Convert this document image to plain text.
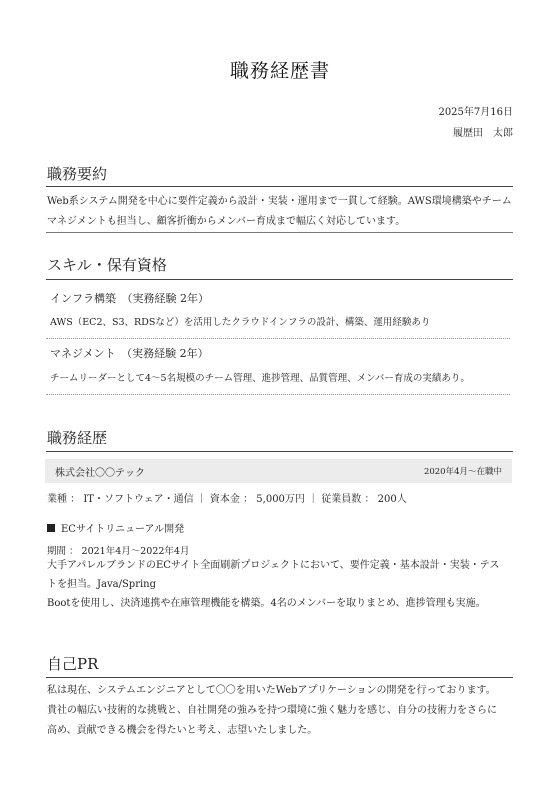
職務経歴書
2025年7月16日
履歴田　太郎
職務要約
Web系システム開発を中心に要件定義から設計・実装・運用まで一貫して経験。AWS環境構築やチームマネジメントも担当し、顧客折衝からメンバー育成まで幅広く対応しています。
スキル・保有資格
インフラ構築　（実務経験 2年）
AWS（EC2、S3、RDSなど）を活用したクラウドインフラの設計、構築、運用経験あり
マネジメント　（実務経験 2年）
チームリーダーとして4〜5名規模のチーム管理、進捗管理、品質管理、メンバー育成の実績あり。
職務経歴
株式会社〇〇テック	2020年4月～在職中
業種 ： IT・ソフトウェア・通信 ｜ 資本金 ： 5,000万円 ｜ 従業員数 ： 200人
ECサイトリニューアル開発
期間 ： 2021年4月～2022年4月
大手アパレルブランドのECサイト全面刷新プロジェクトにおいて、要件定義・基本設計・実装・テス
トを担当。Java/Spring
Bootを使用し、決済連携や在庫管理機能を構築。4名のメンバーを取りまとめ、進捗管理も実施。
自己PR
私は現在、システムエンジニアとして〇〇を用いたWebアプリケーションの開発を行っております。
貴社の幅広い技術的な挑戦と、自社開発の強みを持つ環境に強く魅力を感じ、自分の技術力をさらに
高め、貢献できる機会を得たいと考え、志望いたしました。
